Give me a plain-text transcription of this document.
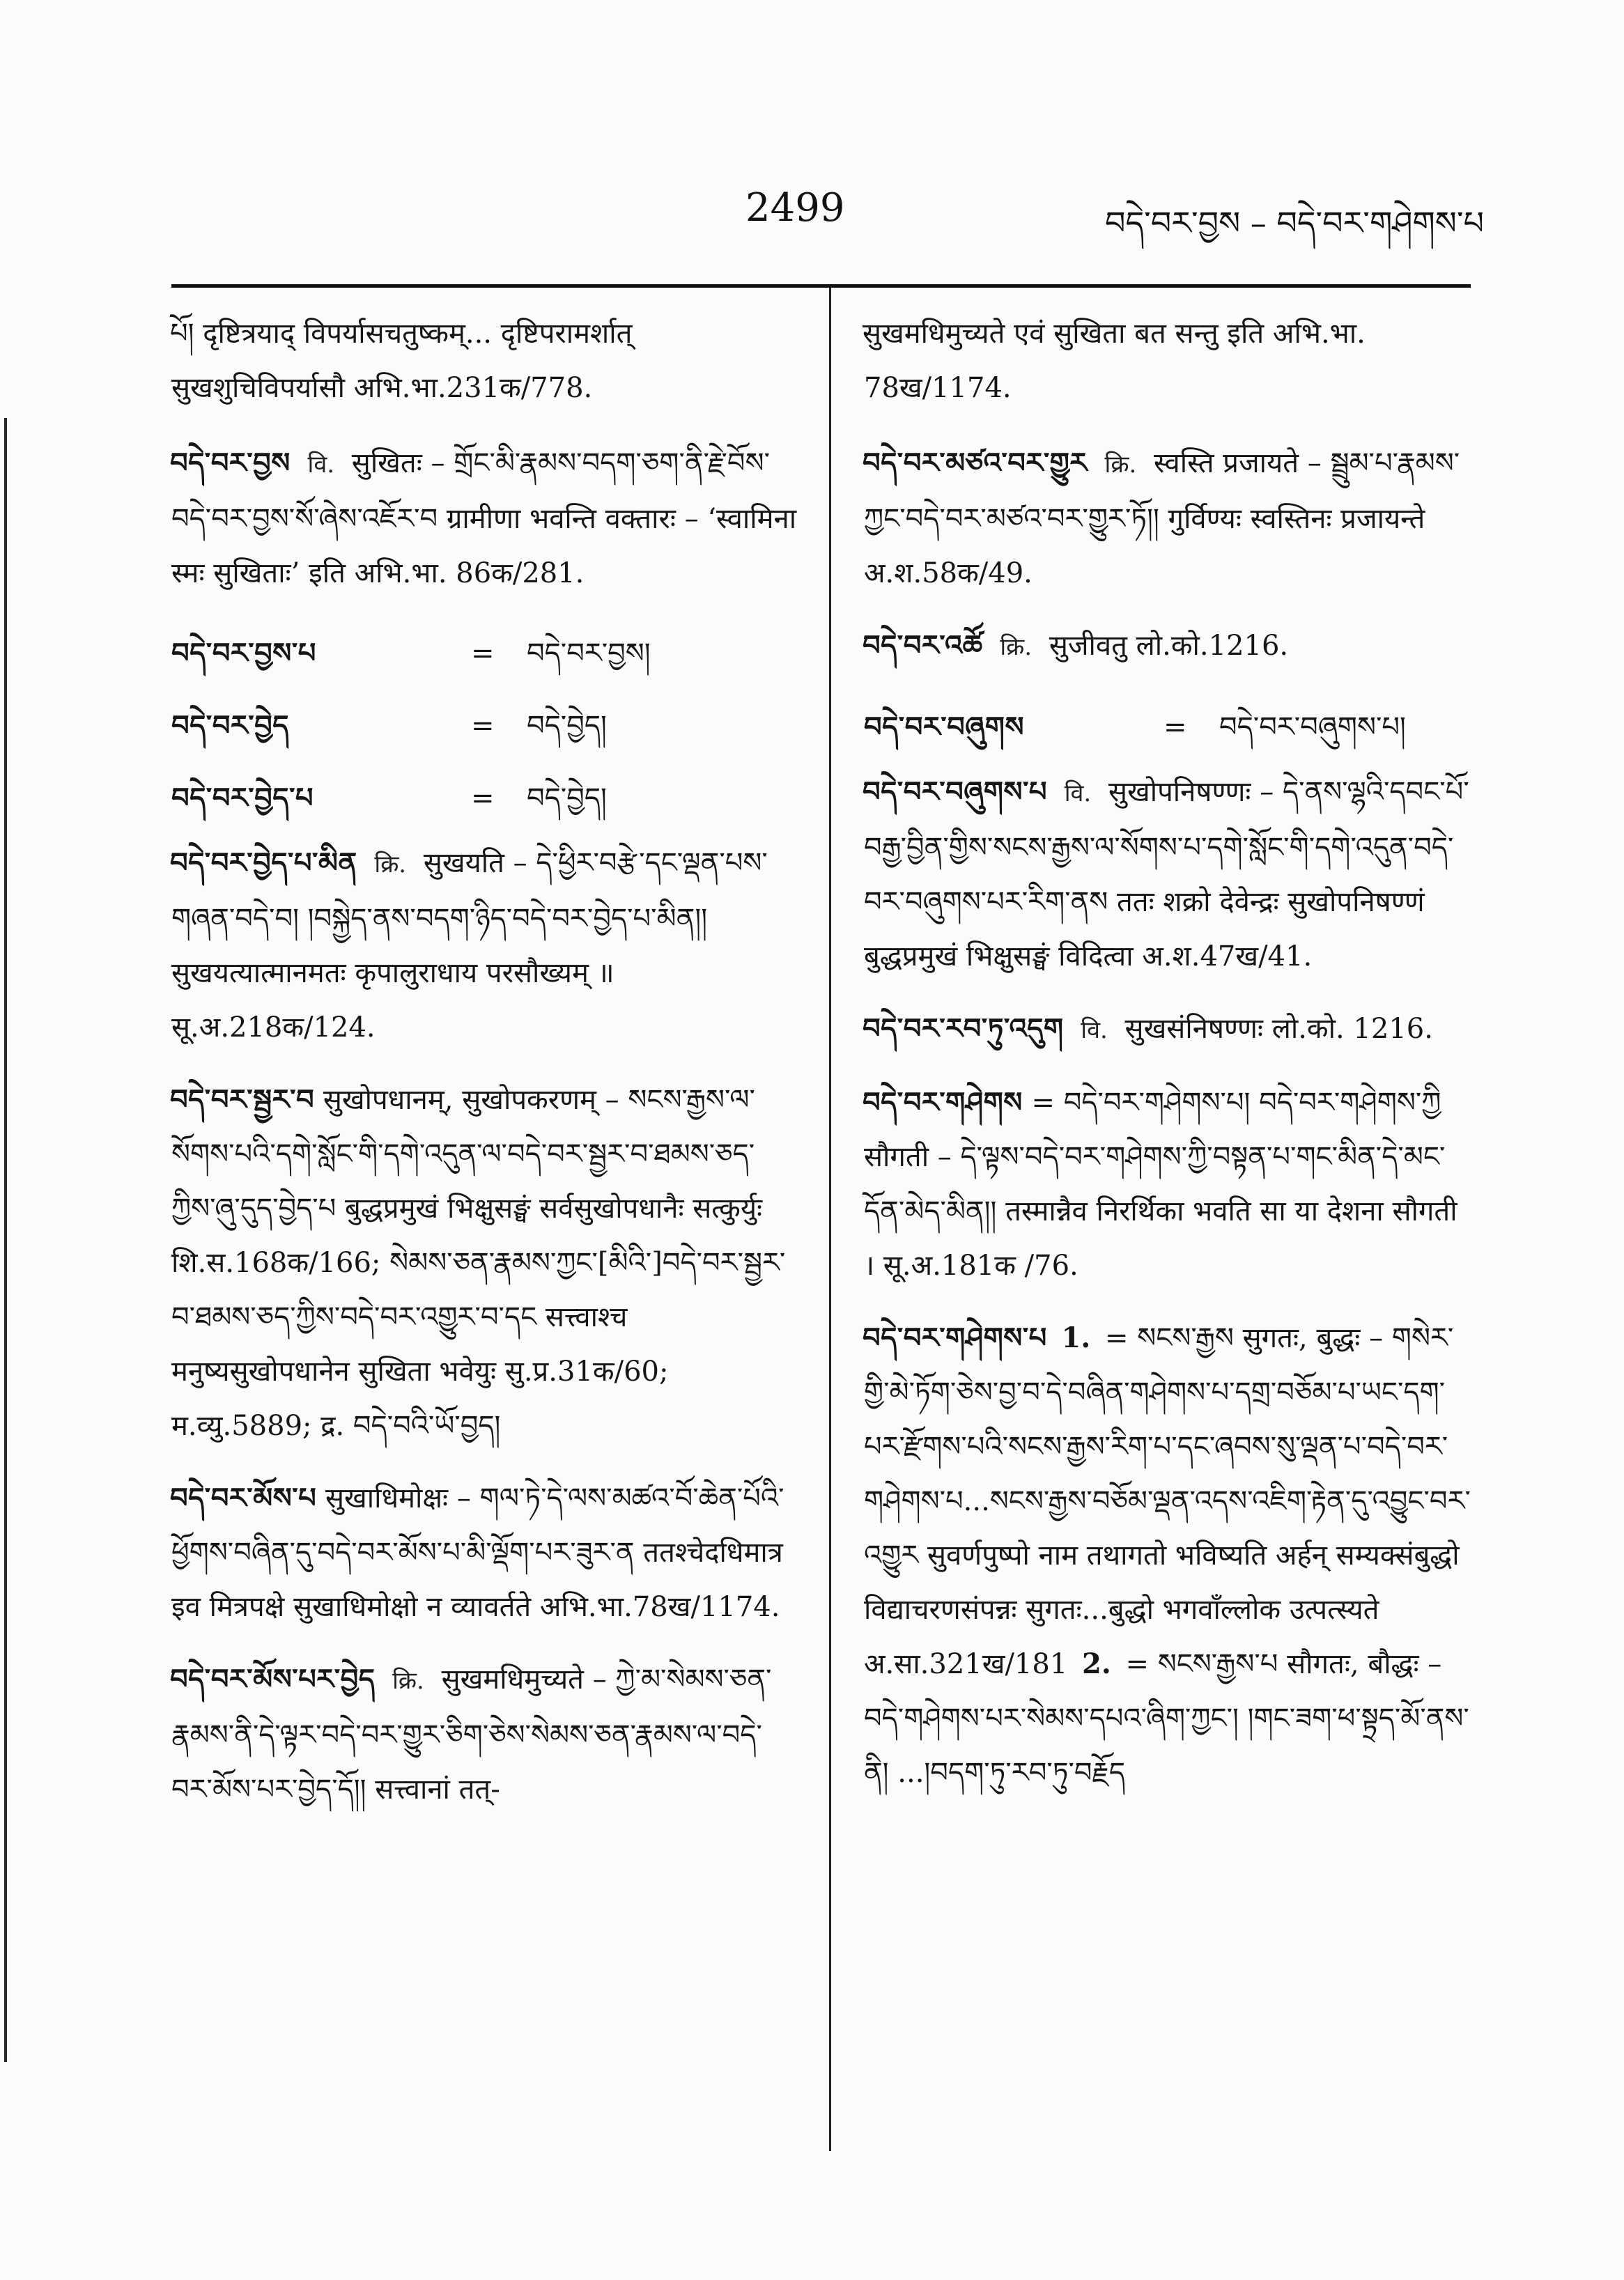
2499	བདེ་བར་བྱས – བདེ་བར་གཤེགས་པ

པོ། दृष्टित्रयाद् विपर्यासचतुष्कम्... दृष्टिपरामर्शात् सुखशुचिविपर्यासौ अभि.भा.231क/778.

བདེ་བར་བྱས वि. सुखितः – གྲོང་མི་རྣམས་བདག་ཅག་ནི་རྗེ་བོས་བདེ་བར་བྱས་སོ་ཞེས་འཇོར་བ ग्रामीणा भवन्ति वक्तारः – ‘स्वामिना स्मः सुखिताः’ इति अभि.भा. 86क/281.

བདེ་བར་བྱས་པ	=	བདེ་བར་བྱས།
བདེ་བར་བྱེད	=	བདེ་བྱེད།
བདེ་བར་བྱེད་པ	=	བདེ་བྱེད།

བདེ་བར་བྱེད་པ་མིན क्रि. सुखयति – དེ་ཕྱིར་བརྩེ་དང་ལྡན་པས་གཞན་བདེ་བ། །བསྐྱེད་ནས་བདག་ཉིད་བདེ་བར་བྱེད་པ་མིན།། सुखयत्यात्मानमतः कृपालुराधाय परसौख्यम् ॥ सू.अ.218क/124.

བདེ་བར་སྦྱར་བ सुखोपधानम्, सुखोपकरणम् – སངས་རྒྱས་ལ་སོགས་པའི་དགེ་སློང་གི་དགེ་འདུན་ལ་བདེ་བར་སྦྱར་བ་ཐམས་ཅད་ཀྱིས་ཞུ་དུད་བྱེད་པ बुद्धप्रमुखं भिक्षुसङ्घं सर्वसुखोपधानैः सत्कुर्युः शि.स.168क/166; སེམས་ཅན་རྣམས་ཀྱང་[མིའི་]བདེ་བར་སྦྱར་བ་ཐམས་ཅད་ཀྱིས་བདེ་བར་འགྱུར་བ་དང सत्त्वाश्च मनुष्यसुखोपधानेन सुखिता भवेयुः सु.प्र.31क/60; म.व्यु.5889; द्र. བདེ་བའི་ཡོ་བྱད།

བདེ་བར་མོས་པ सुखाधिमोक्षः – གལ་ཏེ་དེ་ལས་མཚའ་བོ་ཆེན་པོའི་ཕྱོགས་བཞིན་དུ་བདེ་བར་མོས་པ་མི་ལྡོག་པར་ཟུར་ན ततश्चेदधिमात्र इव मित्रपक्षे सुखाधिमोक्षो न व्यावर्तते अभि.भा.78ख/1174.

བདེ་བར་མོས་པར་བྱེད क्रि. सुखमधिमुच्यते – ཀྱེ་མ་སེམས་ཅན་རྣམས་ནི་དེ་ལྟར་བདེ་བར་གྱུར་ཅིག་ཅེས་སེམས་ཅན་རྣམས་ལ་བདེ་བར་མོས་པར་བྱེད་དོ།། सत्त्वानां तत्-

सुखमधिमुच्यते एवं सुखिता बत सन्तु इति अभि.भा. 78ख/1174.

བདེ་བར་མཙའ་བར་གྱུར क्रि. स्वस्ति प्रजायते – སྦྲུམ་པ་རྣམས་ཀྱང་བདེ་བར་མཙའ་བར་གྱུར་ཏོ།། गुर्विण्यः स्वस्तिनः प्रजायन्ते अ.श.58क/49.

བདེ་བར་འཚོ क्रि. सुजीवतु लो.को.1216.

བདེ་བར་བཞུགས	=	བདེ་བར་བཞུགས་པ།

བདེ་བར་བཞུགས་པ वि. सुखोपनिषण्णः – དེ་ནས་ལྷའི་དབང་པོ་བརྒྱ་བྱིན་གྱིས་སངས་རྒྱས་ལ་སོགས་པ་དགེ་སློང་གི་དགེ་འདུན་བདེ་བར་བཞུགས་པར་རིག་ནས ततः शक्रो देवेन्द्रः सुखोपनिषण्णं बुद्धप्रमुखं भिक्षुसङ्घं विदित्वा अ.श.47ख/41.

བདེ་བར་རབ་ཏུ་འདུག वि. सुखसंनिषण्णः लो.को. 1216.

བདེ་བར་གཤེགས = བདེ་བར་གཤེགས་པ། བདེ་བར་གཤེགས་ཀྱི सौगती – དེ་ལྟས་བདེ་བར་གཤེགས་ཀྱི་བསྟན་པ་གང་མིན་དེ་མང་དོན་མེད་མིན།། तस्मान्नैव निरर्थिका भवति सा या देशना सौगती । सू.अ.181क /76.

བདེ་བར་གཤེགས་པ 1. = སངས་རྒྱས सुगतः, बुद्धः – གསེར་གྱི་མེ་ཏོག་ཅེས་བྱ་བ་དེ་བཞིན་གཤེགས་པ་དགྲ་བཅོམ་པ་ཡང་དག་པར་རྫོགས་པའི་སངས་རྒྱས་རིག་པ་དང་ཞབས་སུ་ལྡན་པ་བདེ་བར་གཤེགས་པ...སངས་རྒྱས་བཅོམ་ལྡན་འདས་འཇིག་རྟེན་དུ་འབྱུང་བར་འགྱུར सुवर्णपुष्पो नाम तथागतो भविष्यति अर्हन् सम्यक्संबुद्धो विद्याचरणसंपन्नः सुगतः...बुद्धो भगवाँल्लोक उत्पत्स्यते अ.सा.321ख/181 2. = སངས་རྒྱས་པ सौगतः, बौद्धः – བདེ་གཤེགས་པར་སེམས་དཔའ་ཞིག་ཀྱང་། །གང་ཟག་ཕ་སྟྲད་མོ་ནས་ནི། ...།བདག་ཏུ་རབ་ཏུ་བརྗོད
